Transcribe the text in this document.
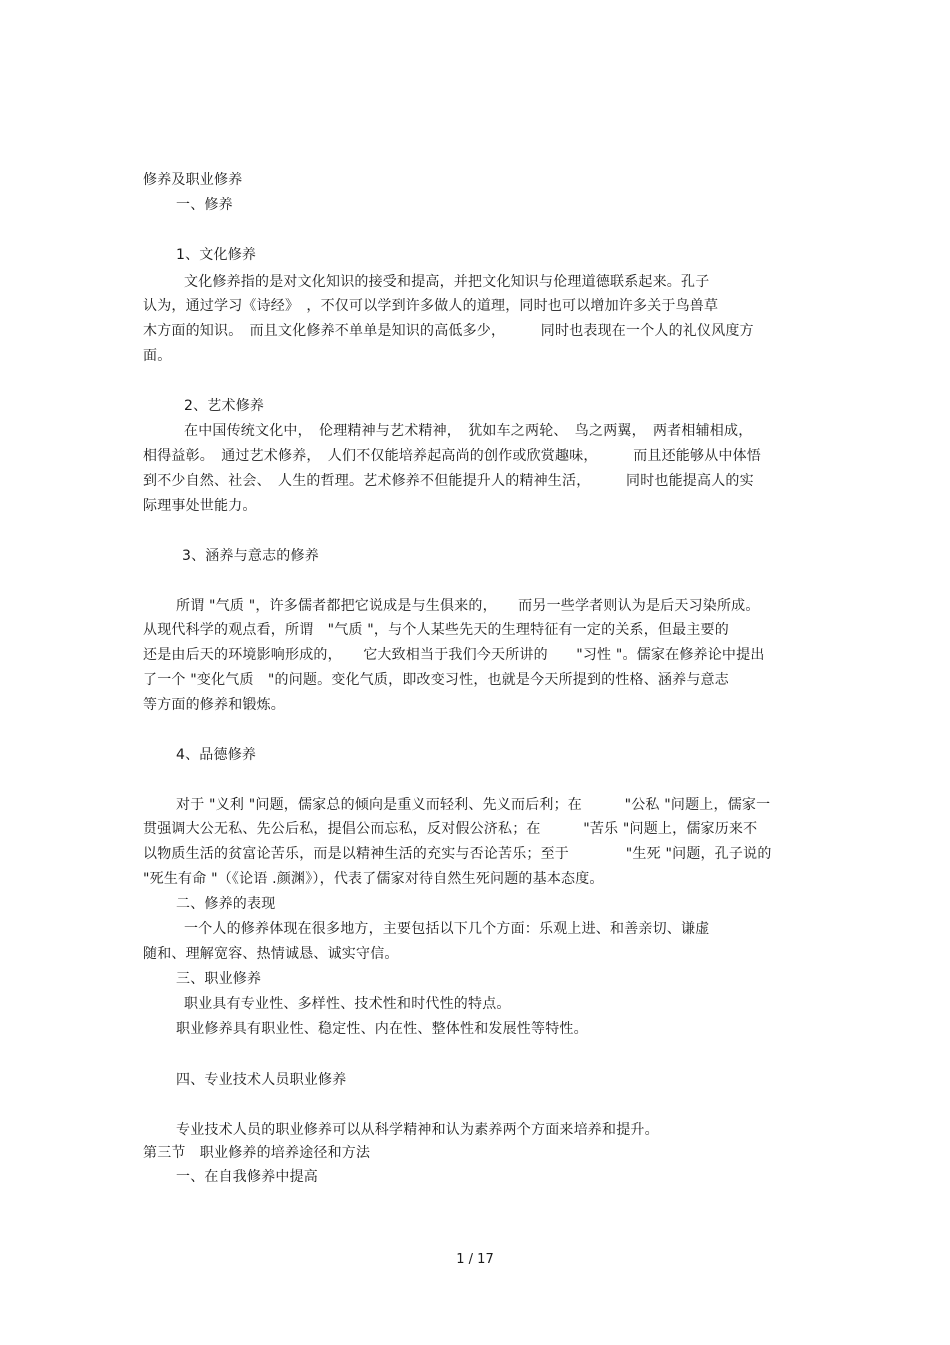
修养及职业修养
一、修养
1、文化修养
文化修养指的是对文化知识的接受和提高，并把文化知识与伦理道德联系起来。孔子
认为，通过学习《诗经》　，不仅可以学到许多做人的道理，同时也可以增加许多关于鸟兽草
木方面的知识。　而且文化修养不单单是知识的高低多少，　　　同时也表现在一个人的礼仪风度方
面。
2、艺术修养
在中国传统文化中，　伦理精神与艺术精神，　犹如车之两轮、　鸟之两翼，　两者相辅相成，
相得益彰。　通过艺术修养，　人们不仅能培养起高尚的创作或欣赏趣味，　　　而且还能够从中体悟
到不少自然、社会、　人生的哲理。艺术修养不但能提升人的精神生活，　　　同时也能提高人的实
际理事处世能力。
3、涵养与意志的修养
所谓 "气质 "，许多儒者都把它说成是与生俱来的，　　而另一些学者则认为是后天习染所成。
从现代科学的观点看，所谓　"气质 "，与个人某些先天的生理特征有一定的关系，但最主要的
还是由后天的环境影响形成的，　　它大致相当于我们今天所讲的　　"习性 "。儒家在修养论中提出
了一个 "变化气质　"的问题。变化气质，即改变习性，也就是今天所提到的性格、涵养与意志
等方面的修养和锻炼。
4、品德修养
对于 "义利 "问题，儒家总的倾向是重义而轻利、先义而后利；在　　　"公私 "问题上，儒家一
贯强调大公无私、先公后私，提倡公而忘私，反对假公济私；在　　　"苦乐 "问题上，儒家历来不
以物质生活的贫富论苦乐，而是以精神生活的充实与否论苦乐；至于　　　　"生死 "问题，孔子说的
"死生有命 "（《论语 .颜渊》），代表了儒家对待自然生死问题的基本态度。
二、修养的表现
一个人的修养体现在很多地方，主要包括以下几个方面：乐观上进、和善亲切、谦虚
随和、理解宽容、热情诚恳、诚实守信。
三、职业修养
职业具有专业性、多样性、技术性和时代性的特点。
职业修养具有职业性、稳定性、内在性、整体性和发展性等特性。
四、专业技术人员职业修养
专业技术人员的职业修养可以从科学精神和认为素养两个方面来培养和提升。
第三节　职业修养的培养途径和方法
一、在自我修养中提高
1 / 17
